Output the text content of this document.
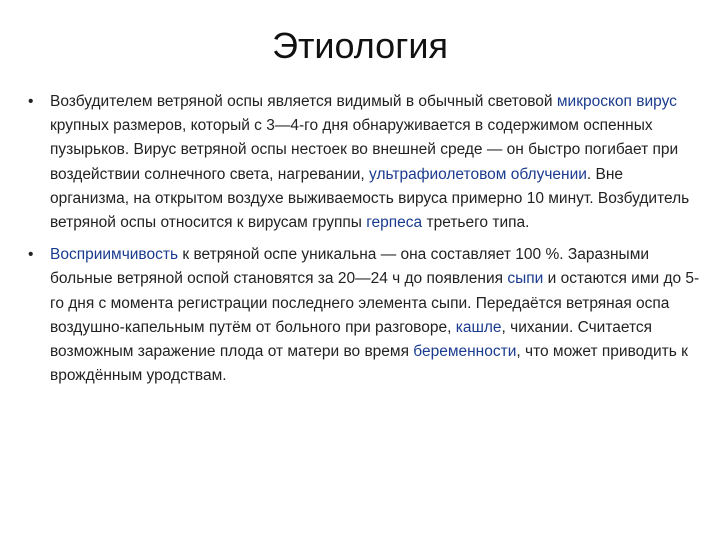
Этиология
•	Возбудителем ветряной оспы является видимый в обычный световой микроскоп вирус крупных размеров, который с 3—4-го дня обнаруживается в содержимом оспенных пузырьков. Вирус ветряной оспы нестоек во внешней среде — он быстро погибает при воздействии солнечного света, нагревании, ультрафиолетовом облучении. Вне организма, на открытом воздухе выживаемость вируса примерно 10 минут. Возбудитель ветряной оспы относится к вирусам группы герпеса третьего типа.
•	Восприимчивость к ветряной оспе уникальна — она составляет 100 %. Заразными больные ветряной оспой становятся за 20—24 ч до появления сыпи и остаются ими до 5-го дня с момента регистрации последнего элемента сыпи. Передаётся ветряная оспа воздушно-капельным путём от больного при разговоре, кашле, чихании. Считается возможным заражение плода от матери во время беременности, что может приводить к врождённым уродствам.
